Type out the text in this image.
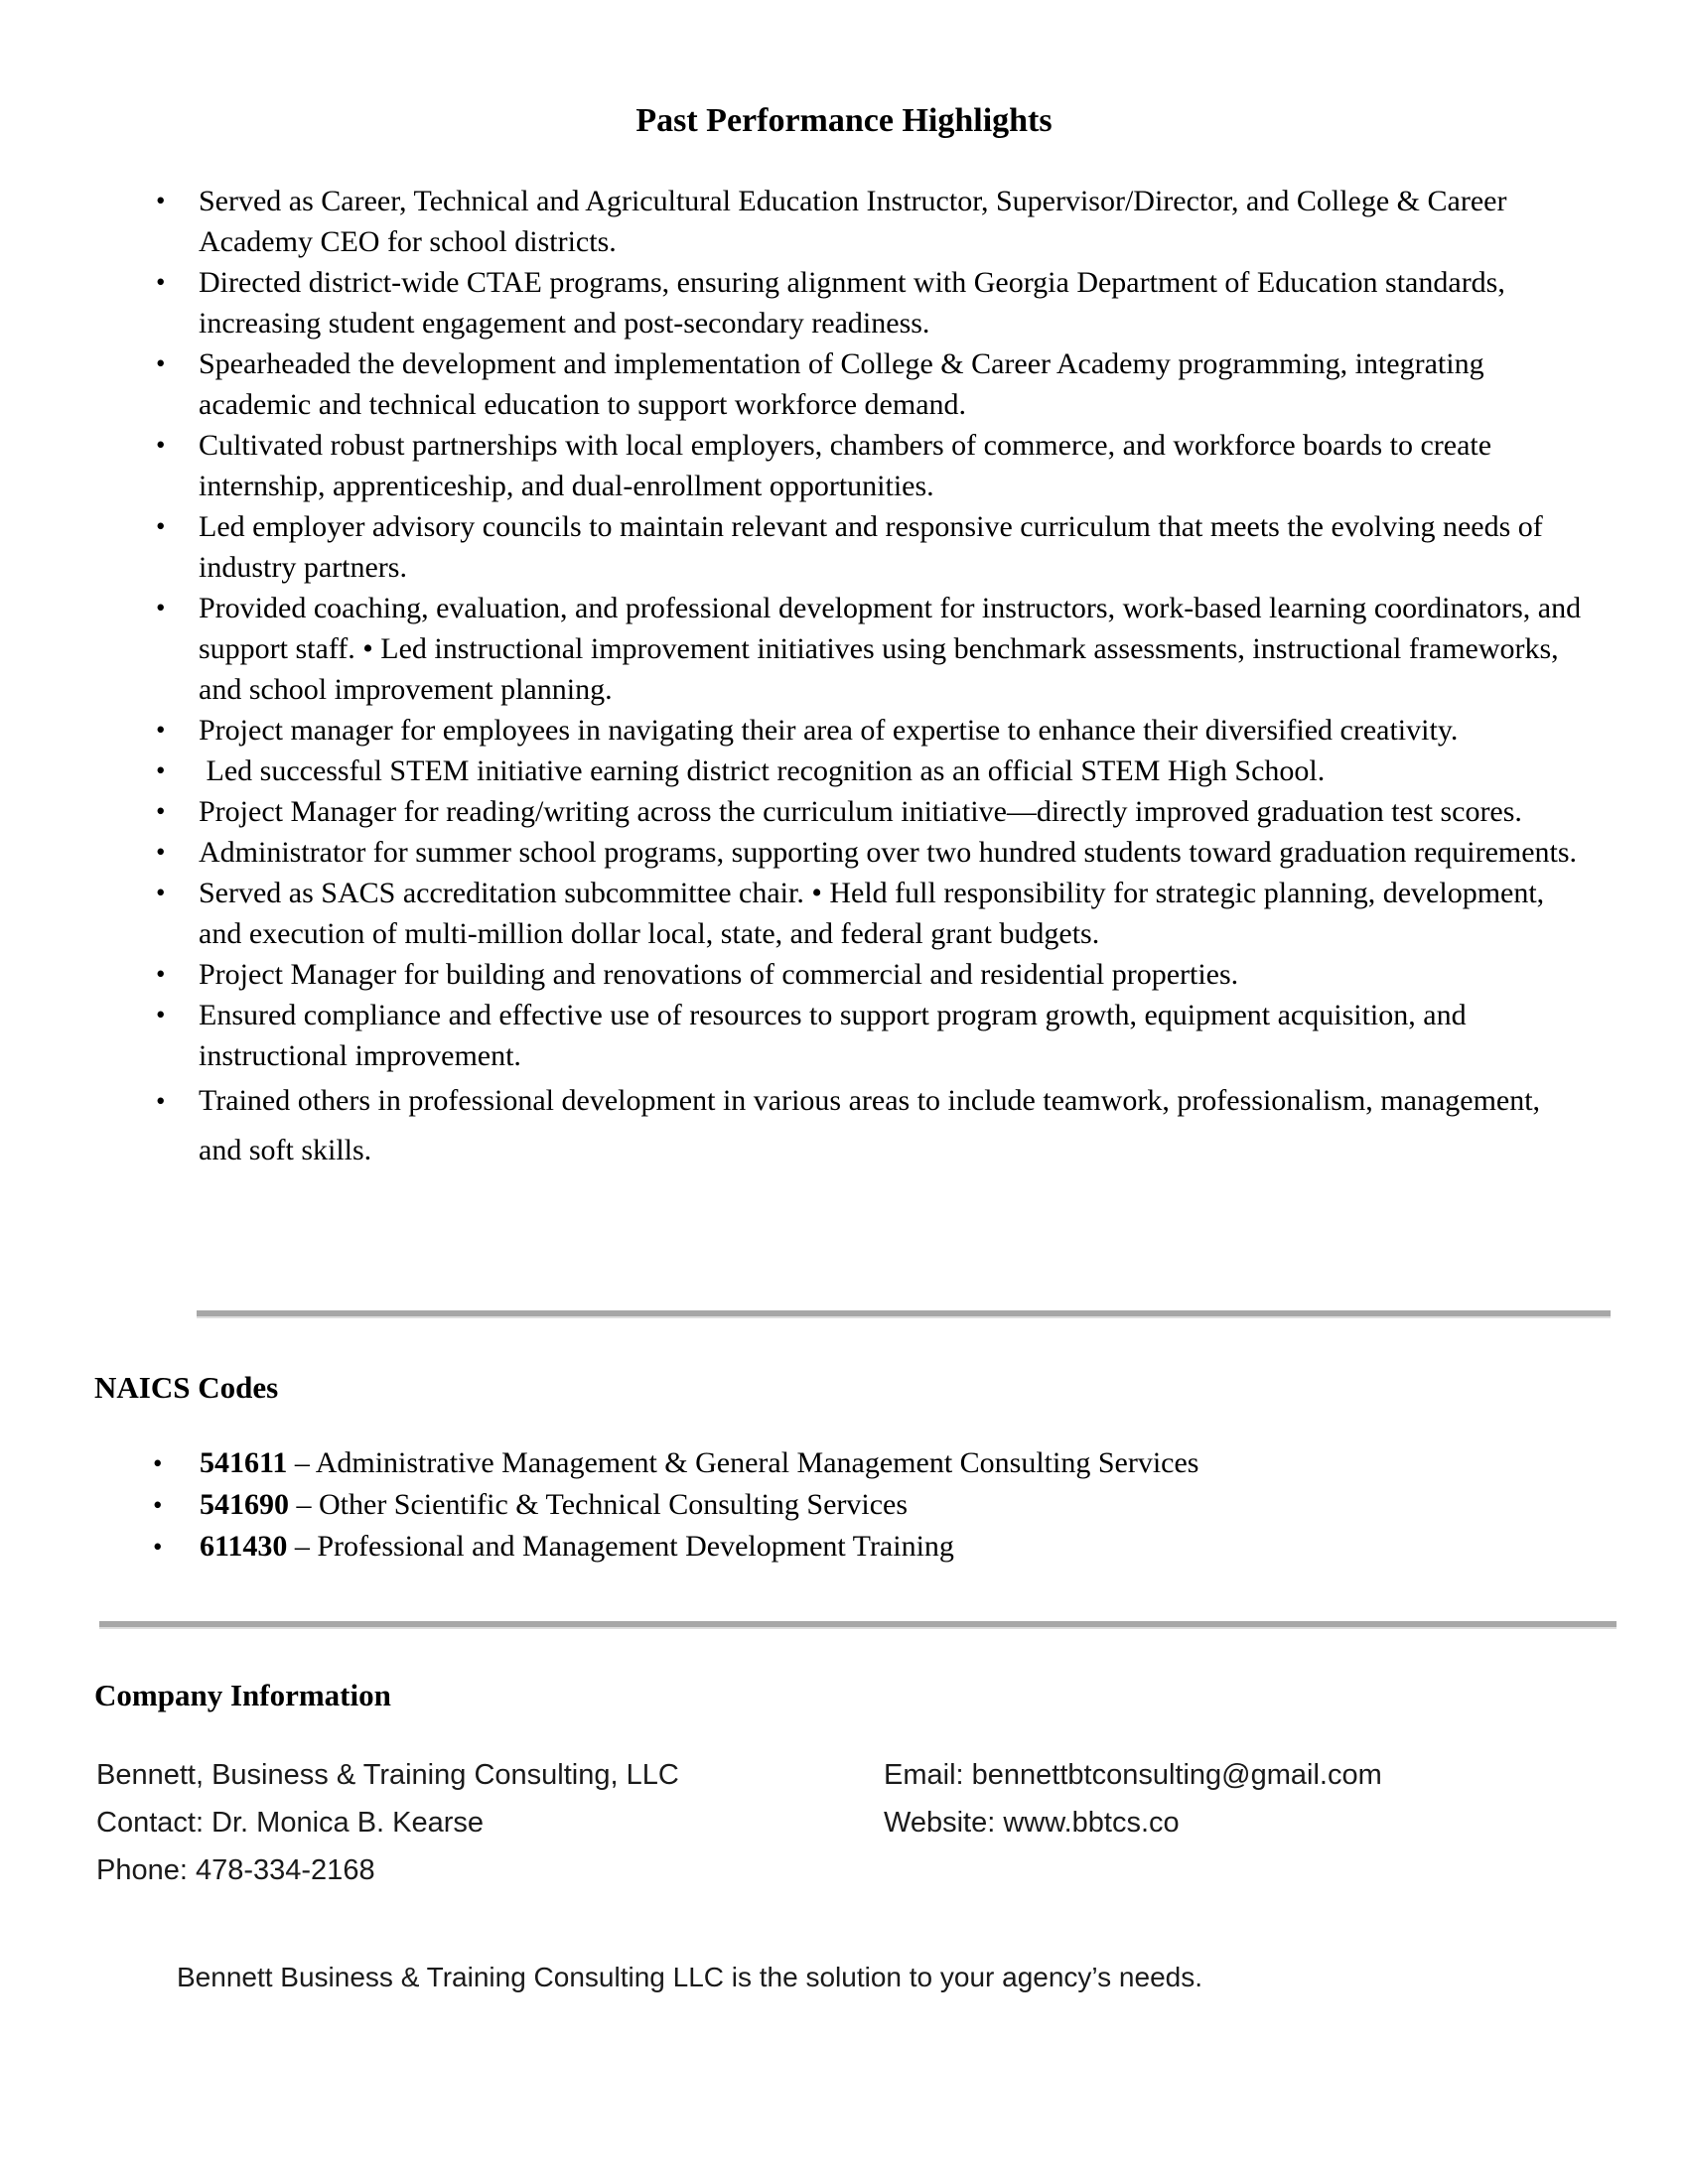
Past Performance Highlights
• Served as Career, Technical and Agricultural Education Instructor, Supervisor/Director, and College & Career Academy CEO for school districts.
• Directed district-wide CTAE programs, ensuring alignment with Georgia Department of Education standards, increasing student engagement and post-secondary readiness.
• Spearheaded the development and implementation of College & Career Academy programming, integrating academic and technical education to support workforce demand.
• Cultivated robust partnerships with local employers, chambers of commerce, and workforce boards to create internship, apprenticeship, and dual-enrollment opportunities.
• Led employer advisory councils to maintain relevant and responsive curriculum that meets the evolving needs of industry partners.
• Provided coaching, evaluation, and professional development for instructors, work-based learning coordinators, and support staff. • Led instructional improvement initiatives using benchmark assessments, instructional frameworks, and school improvement planning.
• Project manager for employees in navigating their area of expertise to enhance their diversified creativity.
•  Led successful STEM initiative earning district recognition as an official STEM High School.
• Project Manager for reading/writing across the curriculum initiative—directly improved graduation test scores.
• Administrator for summer school programs, supporting over two hundred students toward graduation requirements.
• Served as SACS accreditation subcommittee chair. • Held full responsibility for strategic planning, development, and execution of multi-million dollar local, state, and federal grant budgets.
• Project Manager for building and renovations of commercial and residential properties.
• Ensured compliance and effective use of resources to support program growth, equipment acquisition, and instructional improvement.
• Trained others in professional development in various areas to include teamwork, professionalism, management, and soft skills.
NAICS Codes
• 541611 – Administrative Management & General Management Consulting Services
• 541690 – Other Scientific & Technical Consulting Services
• 611430 – Professional and Management Development Training
Company Information
Bennett, Business & Training Consulting, LLC
Contact: Dr. Monica B. Kearse
Phone: 478-334-2168
Email: bennettbtconsulting@gmail.com
Website: www.bbtcs.co
Bennett Business & Training Consulting LLC is the solution to your agency’s needs.
